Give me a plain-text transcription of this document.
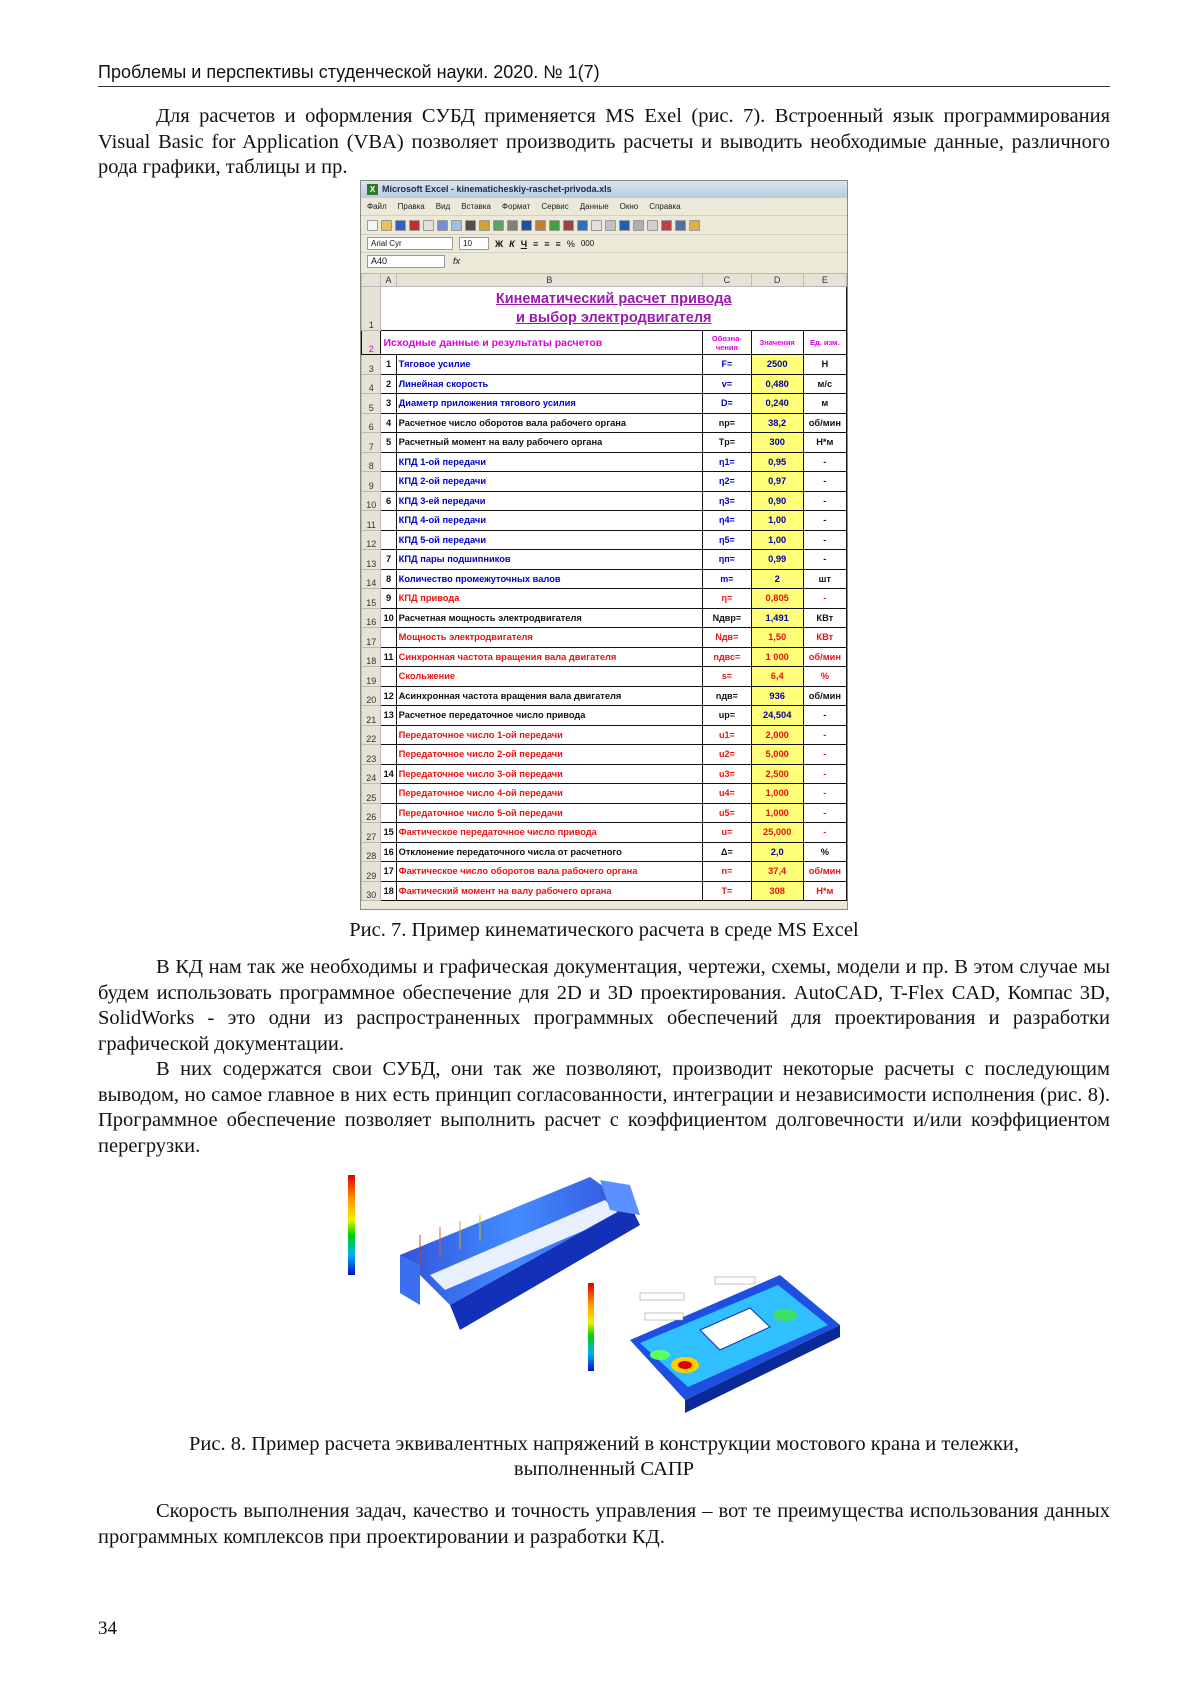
Проблемы и перспективы студенческой науки. 2020. № 1(7)

Для расчетов и оформления СУБД применяется MS Exel (рис. 7). Встроенный язык программирования Visual Basic for Application (VBA) позволяет производить расчеты и выводить необходимые данные, различного рода графики, таблицы и пр.

X Microsoft Excel - kinematicheskiy-raschet-privoda.xls
Файл Правка Вид Вставка Формат Сервис Данные Окно Справка
Arial Cyr	10	Ж К Ч ≡ ≡ ≡ % 000
A40	fx
	A	B	C	D	E
1	Кинематический расчет привода
и выбор электродвигателя				
2	Исходные данные и результаты расчетов		Обозна-чения	Значения	Ед. изм.
3	1	Тяговое усилие	F=	2500	Н
4	2	Линейная скорость	v=	0,480	м/с
5	3	Диаметр приложения тягового усилия	D=	0,240	м
6	4	Расчетное число оборотов вала рабочего органа	nр=	38,2	об/мин
7	5	Расчетный момент на валу рабочего органа	Tр=	300	Н*м
8		КПД 1-ой передачи	η1=	0,95	-
9		КПД 2-ой передачи	η2=	0,97	-
10	6	КПД 3-ей передачи	η3=	0,90	-
11		КПД 4-ой передачи	η4=	1,00	-
12		КПД 5-ой передачи	η5=	1,00	-
13	7	КПД пары подшипников	ηп=	0,99	-
14	8	Количество промежуточных валов	m=	2	шт
15	9	КПД привода	η=	0,805	-
16	10	Расчетная мощность электродвигателя	Nдвр=	1,491	КВт
17		Мощность электродвигателя	Nдв=	1,50	КВт
18	11	Синхронная частота вращения вала двигателя	nдвс=	1 000	об/мин
19		Скольжение	s=	6,4	%
20	12	Асинхронная частота вращения вала двигателя	nдв=	936	об/мин
21	13	Расчетное передаточное число привода	uр=	24,504	-
22		Передаточное число 1-ой передачи	u1=	2,000	-
23		Передаточное число 2-ой передачи	u2=	5,000	-
24	14	Передаточное число 3-ой передачи	u3=	2,500	-
25		Передаточное число 4-ой передачи	u4=	1,000	-
26		Передаточное число 5-ой передачи	u5=	1,000	-
27	15	Фактическое передаточное число привода	u=	25,000	-
28	16	Отклонение передаточного числа от расчетного	Δ=	2,0	%
29	17	Фактическое число оборотов вала рабочего органа	n=	37,4	об/мин
30	18	Фактический момент на валу рабочего органа	T=	308	Н*м
Рис. 7. Пример кинематического расчета в среде MS Excel

В КД нам так же необходимы и графическая документация, чертежи, схемы, модели и пр. В этом случае мы будем использовать программное обеспечение для 2D и 3D проектирования. AutoCAD, T-Flex CAD, Компас 3D, SolidWorks - это одни из распространенных программных обеспечений для проектирования и разработки графической документации.

В них содержатся свои СУБД, они так же позволяют, производит некоторые расчеты с последующим выводом, но самое главное в них есть принцип согласованности, интеграции и независимости исполнения (рис. 8). Программное обеспечение позволяет выполнить расчет с коэффициентом долговечности и/или коэффициентом перегрузки.

Рис. 8. Пример расчета эквивалентных напряжений в конструкции мостового крана и тележки,
выполненный САПР

Скорость выполнения задач, качество и точность управления – вот те преимущества использования данных программных комплексов при проектировании и разработки КД.

34
